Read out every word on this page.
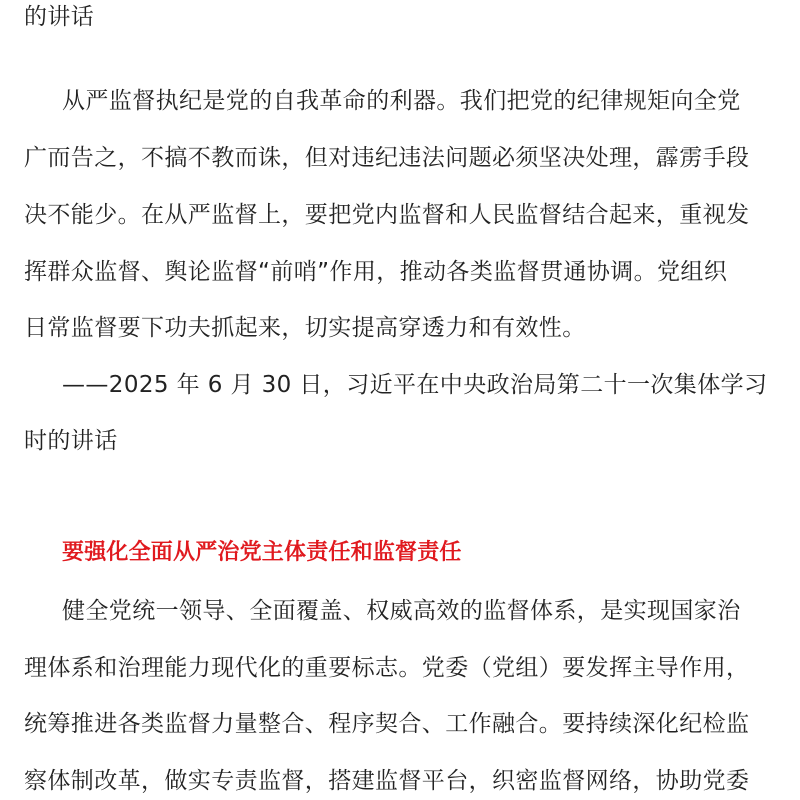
的讲话
从严监督执纪是党的自我革命的利器。我们把党的纪律规矩向全党
广而告之，不搞不教而诛，但对违纪违法问题必须坚决处理，霹雳手段
决不能少。在从严监督上，要把党内监督和人民监督结合起来，重视发
挥群众监督、舆论监督“前哨”作用，推动各类监督贯通协调。党组织
日常监督要下功夫抓起来，切实提高穿透力和有效性。
——2025 年 6 月 30 日，习近平在中央政治局第二十一次集体学习
时的讲话
要强化全面从严治党主体责任和监督责任
健全党统一领导、全面覆盖、权威高效的监督体系，是实现国家治
理体系和治理能力现代化的重要标志。党委（党组）要发挥主导作用，
统筹推进各类监督力量整合、程序契合、工作融合。要持续深化纪检监
察体制改革，做实专责监督，搭建监督平台，织密监督网络，协助党委
